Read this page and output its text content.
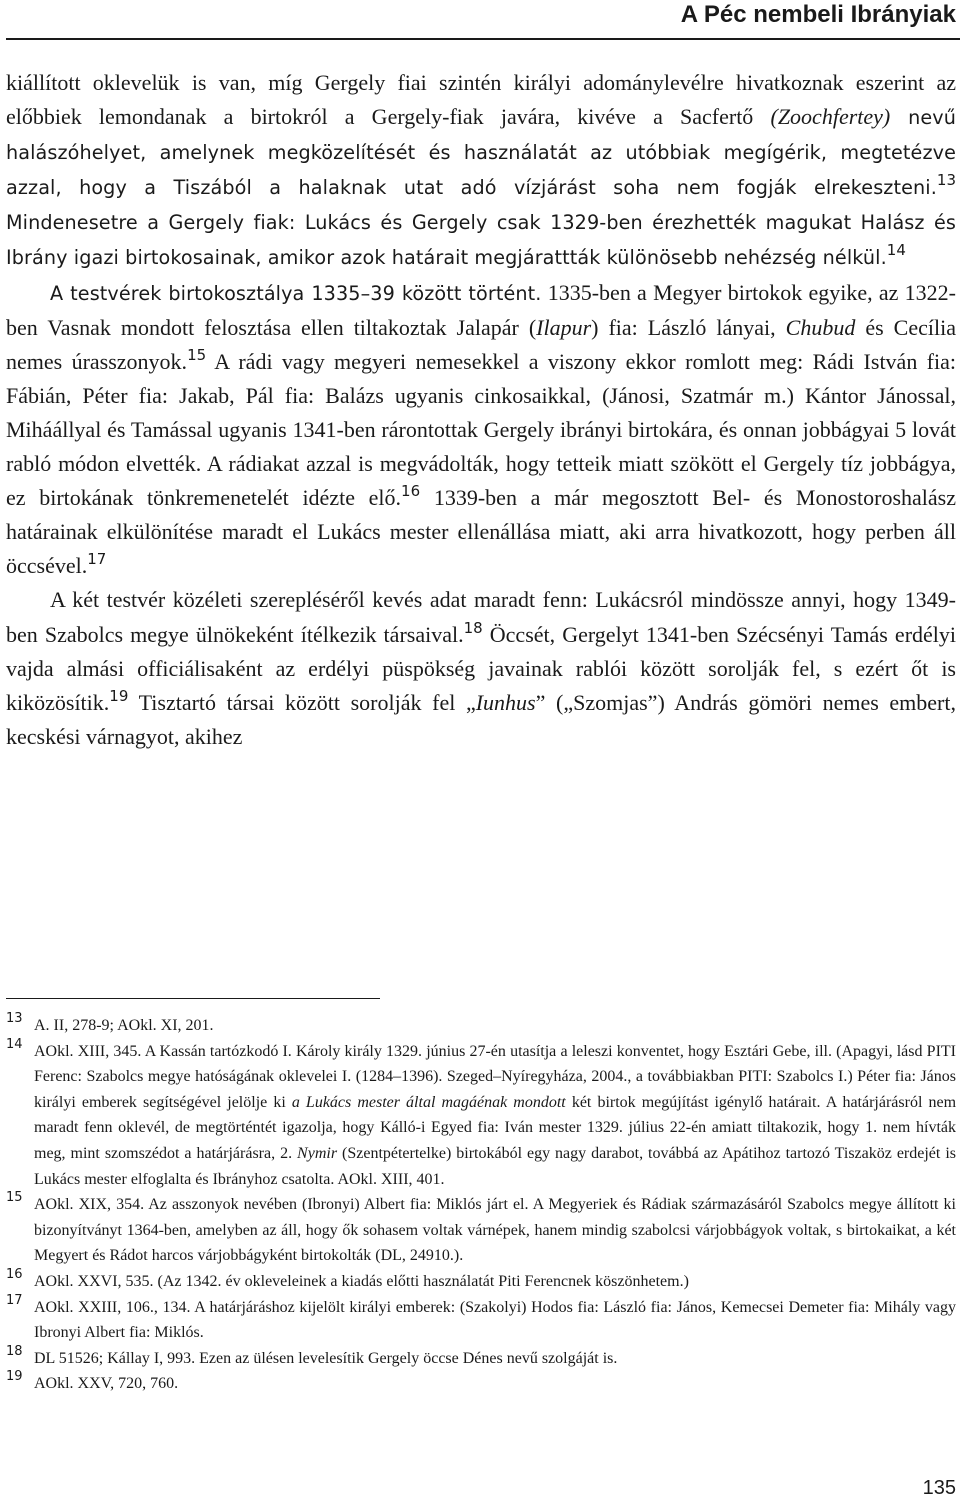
A Péc nembeli Ibrányiak

kiállított oklevelük is van, míg Gergely fiai szintén királyi adománylevélre hivatkoznak eszerint az előbbiek lemondanak a birtokról a Gergely-fiak javára, kivéve a Sacfertő (Zoochfertey) nevű halászóhelyet, amelynek megközelítését és használatát az utóbbiak megígérik, megtetézve azzal, hogy a Tiszából a halaknak utat adó vízjárást soha nem fogják elrekeszteni.$^{13}$ Mindenesetre a Gergely fiak: Lukács és Gergely csak 1329-ben érezhették magukat Halász és Ibrány igazi birtokosainak, amikor azok határait megjárattták különösebb nehézség nélkül.$^{14}$

A testvérek birtokosztálya 1335–39 között történt. 1335-ben a Megyer birtokok egyike, az 1322-ben Vasnak mondott felosztása ellen tiltakoztak Jalapár (Ilapur) fia: László lányai, Chubud és Cecília nemes úrasszonyok.$^{15}$ A rádi vagy megyeri nemesekkel a viszony ekkor romlott meg: Rádi István fia: Fábián, Péter fia: Jakab, Pál fia: Balázs ugyanis cinkosaikkal, (Jánosi, Szatmár m.) Kántor Jánossal, Miháállyal és Tamással ugyanis 1341-ben rárontottak Gergely ibrányi birtokára, és onnan jobbágyai 5 lovát rabló módon elvették. A rádiakat azzal is megvádolták, hogy tetteik miatt szökött el Gergely tíz jobbágya, ez birtokának tönkremenetelét idézte elő.$^{16}$ 1339-ben a már megosztott Bel- és Monostoroshalász határainak elkülönítése maradt el Lukács mester ellenállása miatt, aki arra hivatkozott, hogy perben áll öccsével.$^{17}$

A két testvér közéleti szerepléséről kevés adat maradt fenn: Lukácsról mindössze annyi, hogy 1349-ben Szabolcs megye ülnökeként ítélkezik társaival.$^{18}$ Öccsét, Gergelyt 1341-ben Szécsényi Tamás erdélyi vajda almási officiálisaként az erdélyi püspökség javainak rablói között sorolják fel, s ezért őt is kiközösítik.$^{19}$ Tisztartó társai között sorolják fel „Iunhus” („Szomjas”) András gömöri nemes embert, kecskési várnagyot, akihez

13 A. II, 278-9; AOkl. XI, 201.
14 AOkl. XIII, 345. A Kassán tartózkodó I. Károly király 1329. június 27-én utasítja a leleszi konventet, hogy Esztári Gebe, ill. (Apagyi, lásd PITI Ferenc: Szabolcs megye hatóságának oklevelei I. (1284–1396). Szeged–Nyíregyháza, 2004., a továbbiakban PITI: Szabolcs I.) Péter fia: János királyi emberek segítségével jelölje ki a Lukács mester által magáénak mondott két birtok megújítást igénylő határait. A határjárásról nem maradt fenn oklevél, de megtörténtét igazolja, hogy Kálló-i Egyed fia: Iván mester 1329. július 22-én amiatt tiltakozik, hogy 1. nem hívták meg, mint szomszédot a határjárásra, 2. Nymir (Szentpétertelke) birtokából egy nagy darabot, továbbá az Apátihoz tartozó Tiszaköz erdejét is Lukács mester elfoglalta és Ibrányhoz csatolta. AOkl. XIII, 401.
15 AOkl. XIX, 354. Az asszonyok nevében (Ibronyi) Albert fia: Miklós járt el. A Megyeriek és Rádiak származásáról Szabolcs megye állított ki bizonyítványt 1364-ben, amelyben az áll, hogy ők sohasem voltak várnépek, hanem mindig szabolcsi várjobbágyok voltak, s birtokaikat, a két Megyert és Rádot harcos várjobbágyként birtokolták (DL, 24910.).
16 AOkl. XXVI, 535. (Az 1342. év okleveleinek a kiadás előtti használatát Piti Ferencnek köszönhetem.)
17 AOkl. XXIII, 106., 134. A határjáráshoz kijelölt királyi emberek: (Szakolyi) Hodos fia: László fia: János, Kemecsei Demeter fia: Mihály vagy Ibronyi Albert fia: Miklós.
18 DL 51526; Kállay I, 993. Ezen az ülésen levelesítik Gergely öccse Dénes nevű szolgáját is.
19 AOkl. XXV, 720, 760.
135
